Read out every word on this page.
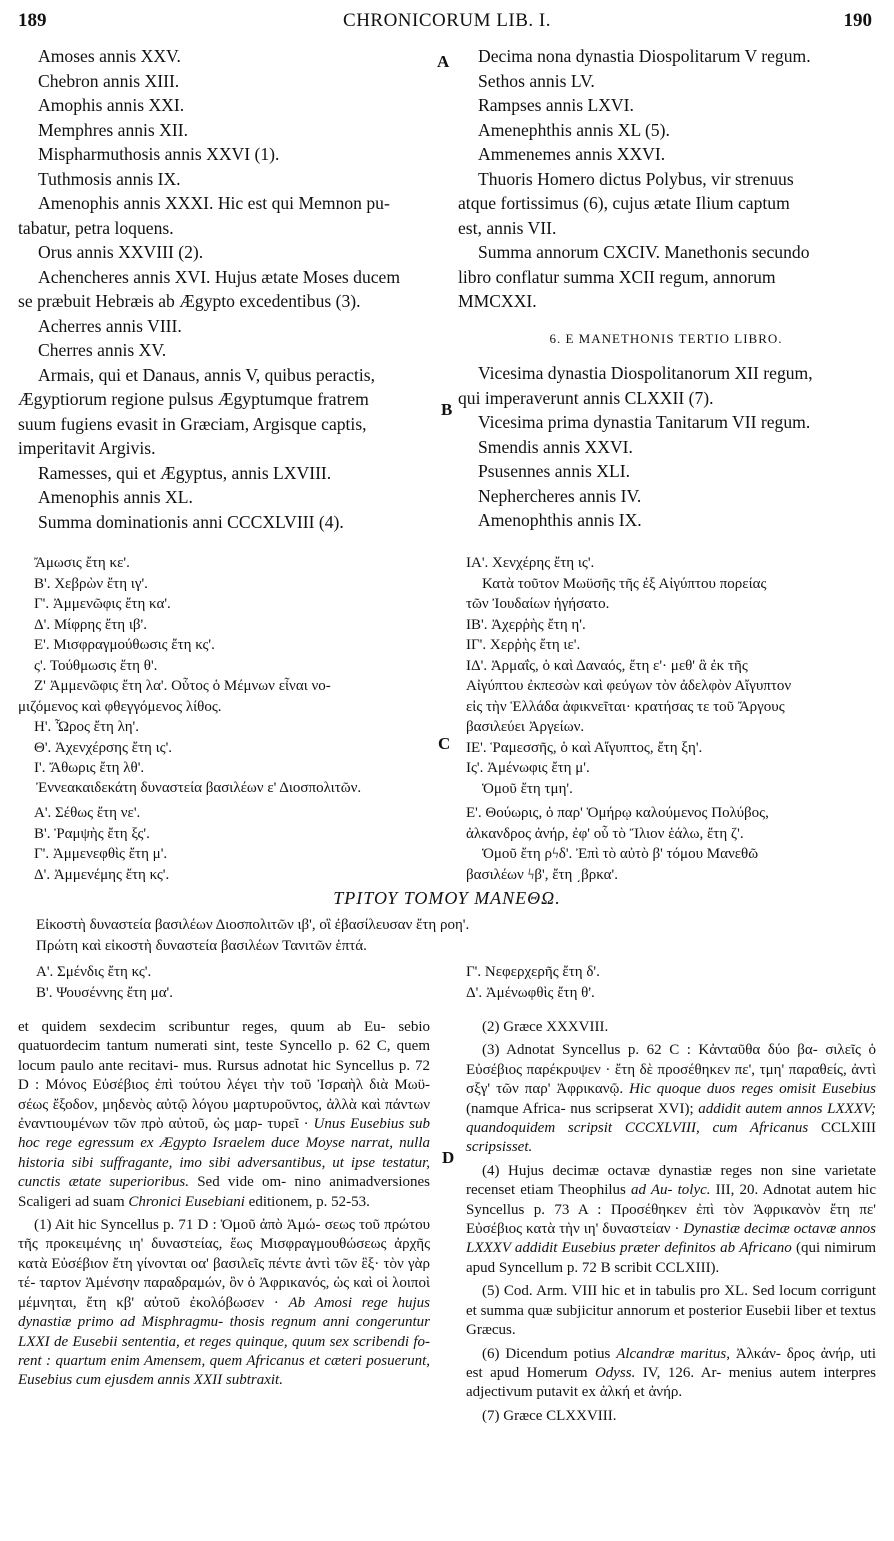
189	CHRONICORUM LIB. I.	190
A
B
C
D
Amoses annis XXV.
Chebron annis XIII.
Amophis annis XXI.
Memphres annis XII.
Mispharmuthosis annis XXVI (1).
Tuthmosis annis IX.
Amenophis annis XXXI. Hic est qui Memnon pu-
tabatur, petra loquens.
Orus annis XXVIII (2).
Achencheres annis XVI. Hujus ætate Moses ducem
se præbuit Hebræis ab Ægypto excedentibus (3).
Acherres annis VIII.
Cherres annis XV.
Armais, qui et Danaus, annis V, quibus peractis,
Ægyptiorum regione pulsus Ægyptumque fratrem
suum fugiens evasit in Græciam, Argisque captis,
imperitavit Argivis.
Ramesses, qui et Ægyptus, annis LXVIII.
Amenophis annis XL.
Summa dominationis anni CCCXLVIII (4).
Decima nona dynastia Diospolitarum V regum.
Sethos annis LV.
Rampses annis LXVI.
Amenephthis annis XL (5).
Ammenemes annis XXVI.
Thuoris Homero dictus Polybus, vir strenuus
atque fortissimus (6), cujus ætate Ilium captum
est, annis VII.
Summa annorum CXCIV. Manethonis secundo
libro conflatur summa XCII regum, annorum
MMCXXI.
6. E MANETHONIS TERTIO LIBRO.
Vicesima dynastia Diospolitanorum XII regum,
qui imperaverunt annis CLXXII (7).
Vicesima prima dynastia Tanitarum VII regum.
Smendis annis XXVI.
Psusennes annis XLI.
Nephercheres annis IV.
Amenophthis annis IX.
Ἄμωσις ἔτη κε'.
Β'. Χεβρὼν ἔτη ιγ'.
Γ'. Ἀμμενῶφις ἔτη κα'.
Δ'. Μίφρης ἔτη ιβ'.
Ε'. Μισφραγμούθωσις ἔτη κς'.
ς'. Τούθμωσις ἔτη θ'.
Ζ' Ἀμμενῶφις ἔτη λα'. Οὗτος ὁ Μέμνων εἶναι νο-
μιζόμενος καὶ φθεγγόμενος λίθος.
Η'. Ὧρος ἔτη λη'.
Θ'. Ἀχενχέρσης ἔτη ις'.
Ι'. Ἄθωρις ἔτη λθ'.
ΙΑ'. Χενχέρης ἔτη ις'.
Κατὰ τοῦτον Μωϋσῆς τῆς ἐξ Αἰγύπτου πορείας
τῶν Ἰουδαίων ἡγήσατο.
ΙΒ'. Ἀχερῥὴς ἔτη η'.
ΙΓ'. Χερῥὴς ἔτη ιε'.
ΙΔ'. Ἀρμαΐς, ὁ καὶ Δαναός, ἔτη ε'· μεθ' ἃ ἐκ τῆς
Αἰγύπτου ἐκπεσὼν καὶ φεύγων τὸν ἀδελφὸν Αἴγυπτον
εἰς τὴν Ἑλλάδα ἀφικνεῖται· κρατήσας τε τοῦ Ἄργους
βασιλεύει Ἀργείων.
ΙΕ'. Ῥαμεσσῆς, ὁ καὶ Αἴγυπτος, ἔτη ξη'.
Ις'. Ἀμένωφις ἔτη μ'.
Ὁμοῦ ἔτη τμη'.
Ἐννεακαιδεκάτη δυναστεία βασιλέων ε' Διοσπολιτῶν.
Α'. Σέθως ἔτη νε'.
Β'. Ῥαμψὴς ἔτη ξς'.
Γ'. Ἀμμενεφθὶς ἔτη μ'.
Δ'. Ἀμμενέμης ἔτη κς'.
Ε'. Θούωρις, ὁ παρ' Ὁμήρῳ καλούμενος Πολύβος,
ἀλκανδρος ἀνήρ, ἐφ' οὗ τὸ Ἴλιον ἑάλω, ἔτη ζ'.
Ὁμοῦ ἔτη ρϟδ'. Ἐπὶ τὸ αὐτὸ β' τόμου Μανεθῶ
βασιλέων ϟβ', ἔτη ͵βρκα'.
ΤΡΙΤΟΥ ΤΟΜΟΥ ΜΑΝΕΘΩ.
Εἰκοστὴ δυναστεία βασιλέων Διοσπολιτῶν ιβ', οἳ ἐβασίλευσαν ἔτη ροη'.
Πρώτη καὶ εἰκοστὴ δυναστεία βασιλέων Τανιτῶν ἑπτά.
Α'. Σμένδις ἔτη κς'.
Β'. Ψουσέννης ἔτη μα'.
Γ'. Νεφερχερῆς ἔτη δ'.
Δ'. Ἀμένωφθὶς ἔτη θ'.

et quidem sexdecim scribuntur reges, quum ab Eu- sebio quatuordecim tantum numerati sint, teste Syncello p. 62 C, quem locum paulo ante recitavi- mus. Rursus adnotat hic Syncellus p. 72 D : Μόνος Εὐσέβιος ἐπὶ τούτου λέγει τὴν τοῦ Ἰσραὴλ διὰ Μωϋ- σέως ἔξοδον, μηδενὸς αὐτῷ λόγου μαρτυροῦντος, ἀλλὰ καὶ πάντων ἐναντιουμένων τῶν πρὸ αὐτοῦ, ὡς μαρ- τυρεῖ · Unus Eusebius sub hoc rege egressum ex Ægypto Israelem duce Moyse narrat, nulla historia sibi suffragante, imo sibi adversantibus, ut ipse testatur, cunctis ætate superioribus. Sed vide om- nino animadversiones Scaligeri ad suam Chronici Eusebiani editionem, p. 52-53.

(1) Ait hic Syncellus p. 71 D : Ὁμοῦ ἀπὸ Ἀμώ- σεως τοῦ πρώτου τῆς προκειμένης ιη' δυναστείας, ἕως Μισφραγμουθώσεως ἀρχῆς κατὰ Εὐσέβιον ἔτη γίνονται οα' βασιλεῖς πέντε ἀντὶ τῶν ἓξ· τὸν γὰρ τέ- ταρτον Ἀμένσην παραδραμών, ὃν ὁ Ἀφρικανός, ὡς καὶ οἱ λοιποὶ μέμνηται, ἔτη κβ' αὐτοῦ ἐκολόβωσεν · Ab Amosi rege hujus dynastiæ primo ad Misphragmu- thosis regnum anni congeruntur LXXI de Eusebii sententia, et reges quinque, quum sex scribendi fo- rent : quartum enim Amensem, quem Africanus et cæteri posuerunt, Eusebius cum ejusdem annis XXII subtraxit.

(2) Græce XXXVIII.

(3) Adnotat Syncellus p. 62 C : Κἀνταῦθα δύο βα- σιλεῖς ὁ Εὐσέβιος παρέκρυψεν · ἔτη δὲ προσέθηκεν πε', τμη' παραθείς, ἀντὶ σξγ' τῶν παρ' Ἀφρικανῷ. Hic quoque duos reges omisit Eusebius (namque Africa- nus scripserat XVI); addidit autem annos LXXXV; quandoquidem scripsit CCCXLVIII, cum Africanus CCLXIII scripsisset.

(4) Hujus decimæ octavæ dynastiæ reges non sine varietate recenset etiam Theophilus ad Au- tolyc. III, 20. Adnotat autem hic Syncellus p. 73 A : Προσέθηκεν ἐπὶ τὸν Ἀφρικανὸν ἔτη πε' Εὐσέβιος κατὰ τὴν ιη' δυναστείαν · Dynastiæ decimæ octavæ annos LXXXV addidit Eusebius præter definitos ab Africano (qui nimirum apud Syncellum p. 72 B scribit CCLXIII).

(5) Cod. Arm. VIII hic et in tabulis pro XL. Sed locum corrigunt et summa quæ subjicitur annorum et posterior Eusebii liber et textus Græcus.

(6) Dicendum potius Alcandræ maritus, Ἀλκάν- δρος ἀνήρ, uti est apud Homerum Odyss. IV, 126. Ar- menius autem interpres adjectivum putavit ex ἀλκή et ἀνήρ.

(7) Græce CLXXVIII.
